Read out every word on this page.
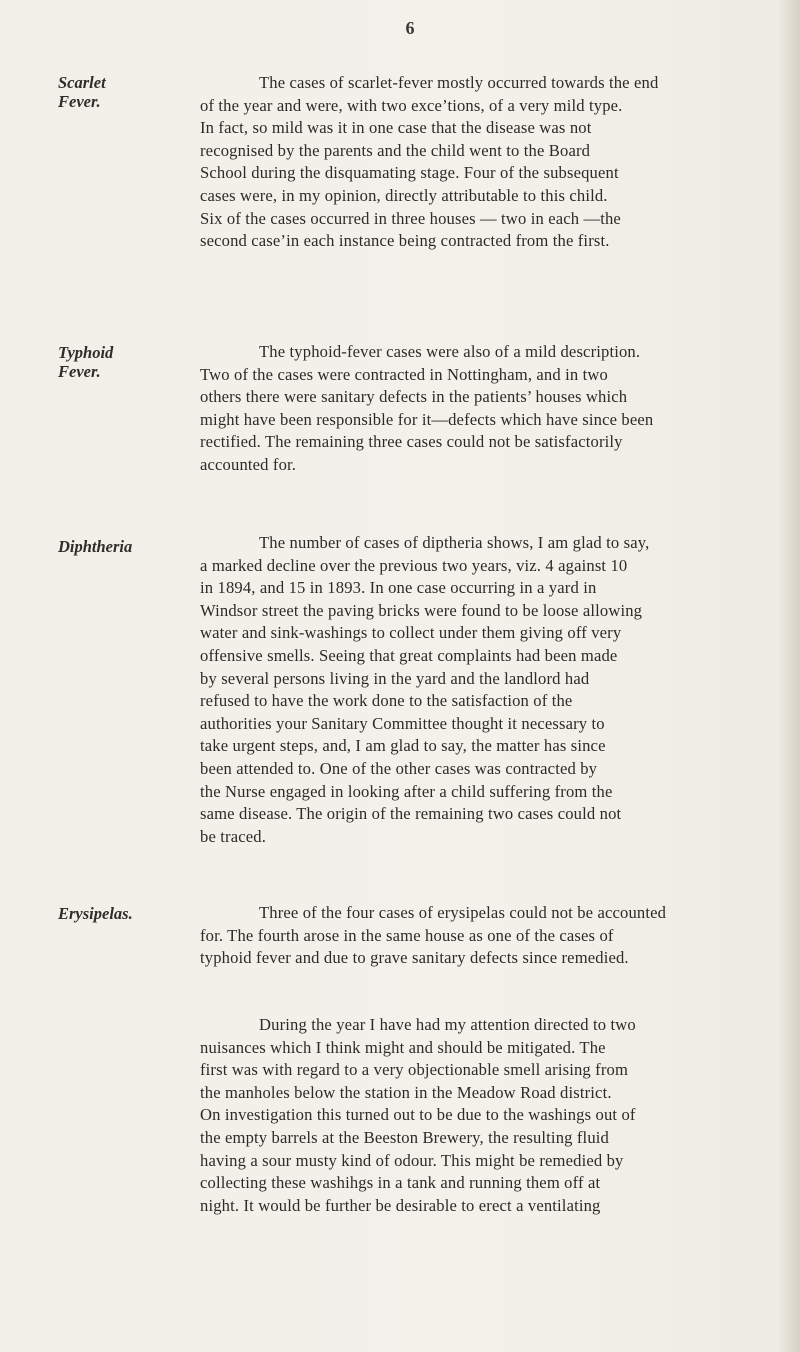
6
Scarlet
Fever.
The cases of scarlet-fever mostly occurred towards the end
of the year and were, with two exce’tions, of a very mild type.
In fact, so mild was it in one case that the disease was not
recognised by the parents and the child went to the Board
School during the disquamating stage. Four of the subsequent
cases were, in my opinion, directly attributable to this child.
Six of the cases occurred in three houses — two in each —the
second case’in each instance being contracted from the first.
Typhoid
Fever.
The typhoid-fever cases were also of a mild description.
Two of the cases were contracted in Nottingham, and in two
others there were sanitary defects in the patients’ houses which
might have been responsible for it—defects which have since been
rectified. The remaining three cases could not be satisfactorily
accounted for.
Diphtheria	The number of cases of diptheria shows, I am glad to say,
a marked decline over the previous two years, viz. 4 against 10
in 1894, and 15 in 1893. In one case occurring in a yard in
Windsor street the paving bricks were found to be loose allowing
water and sink-washings to collect under them giving off very
offensive smells. Seeing that great complaints had been made
by several persons living in the yard and the landlord had
refused to have the work done to the satisfaction of the
authorities your Sanitary Committee thought it necessary to
take urgent steps, and, I am glad to say, the matter has since
been attended to. One of the other cases was contracted by
the Nurse engaged in looking after a child suffering from the
same disease. The origin of the remaining two cases could not
be traced.
Erysipelas.	Three of the four cases of erysipelas could not be accounted
for. The fourth arose in the same house as one of the cases of
typhoid fever and due to grave sanitary defects since remedied.
During the year I have had my attention directed to two
nuisances which I think might and should be mitigated. The
first was with regard to a very objectionable smell arising from
the manholes below the station in the Meadow Road district.
On investigation this turned out to be due to the washings out of
the empty barrels at the Beeston Brewery, the resulting fluid
having a sour musty kind of odour. This might be remedied by
collecting these washihgs in a tank and running them off at
night. It would be further be desirable to erect a ventilating
